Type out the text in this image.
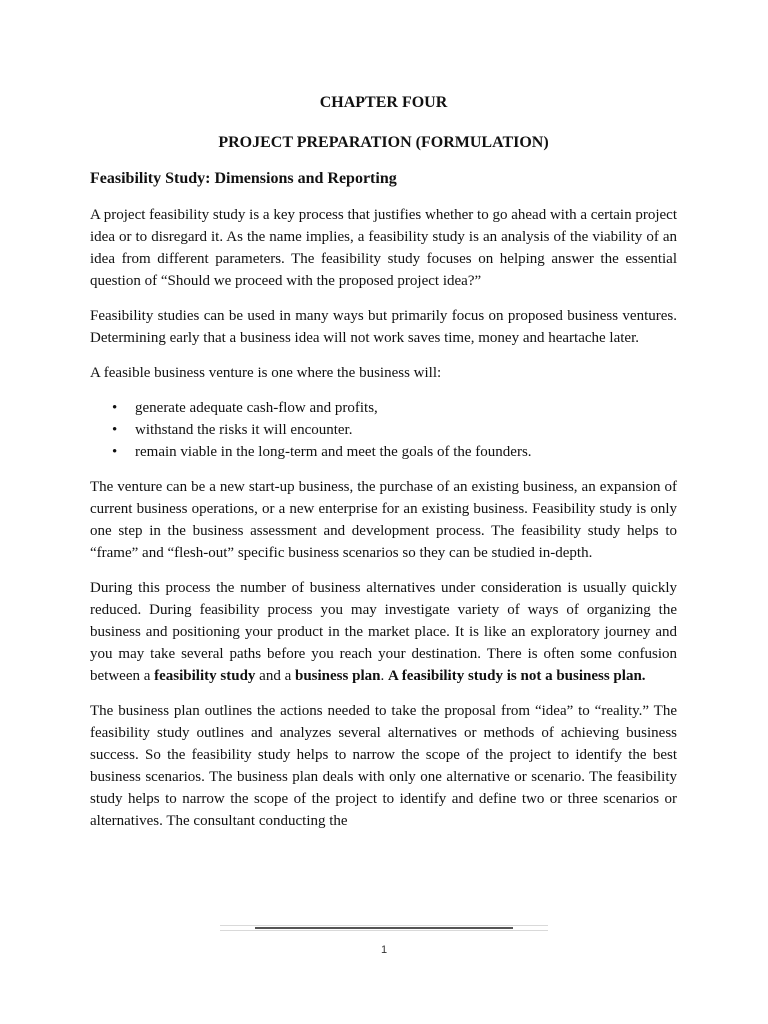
CHAPTER FOUR
PROJECT PREPARATION (FORMULATION)
Feasibility Study: Dimensions and Reporting

A project feasibility study is a key process that justifies whether to go ahead with a certain project idea or to disregard it. As the name implies, a feasibility study is an analysis of the viability of an idea from different parameters. The feasibility study focuses on helping answer the essential question of “Should we proceed with the proposed project idea?”

Feasibility studies can be used in many ways but primarily focus on proposed business ventures. Determining early that a business idea will not work saves time, money and heartache later.

A feasible business venture is one where the business will:

• generate adequate cash-flow and profits,
• withstand the risks it will encounter.
• remain viable in the long-term and meet the goals of the founders.

The venture can be a new start-up business, the purchase of an existing business, an expansion of current business operations, or a new enterprise for an existing business. Feasibility study is only one step in the business assessment and development process. The feasibility study helps to “frame” and “flesh-out” specific business scenarios so they can be studied in-depth.

During this process the number of business alternatives under consideration is usually quickly reduced. During feasibility process you may investigate variety of ways of organizing the business and positioning your product in the market place. It is like an exploratory journey and you may take several paths before you reach your destination. There is often some confusion between a feasibility study and a business plan. A feasibility study is not a business plan.

The business plan outlines the actions needed to take the proposal from “idea” to “reality.” The feasibility study outlines and analyzes several alternatives or methods of achieving business success. So the feasibility study helps to narrow the scope of the project to identify the best business scenarios. The business plan deals with only one alternative or scenario. The feasibility study helps to narrow the scope of the project to identify and define two or three scenarios or alternatives. The consultant conducting the

1
